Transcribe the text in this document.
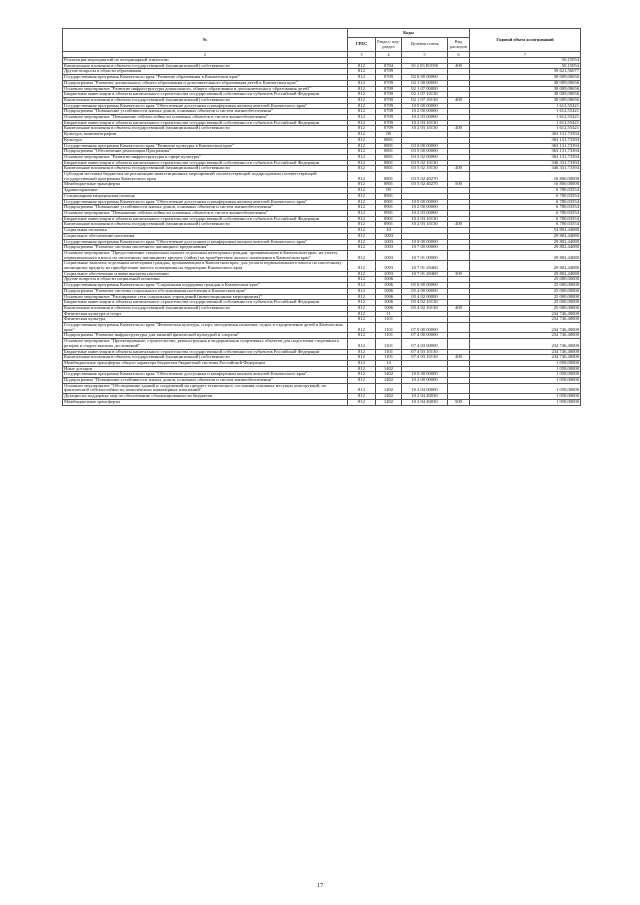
№	Коды				Годовой объем ассигнований
	ГРБС	Раздел, под- раздел	Целевая статья	Вид расходов	
2	3	4	5	6	7
Реализация мероприятий по ветеринарной эпизоотии					50,15054
Капитальные вложения в объекты государственной (муниципальной) собственности	812	0704	10 2 03 R1050	400	50,15054
Другие вопросы в области образования	812	0709			39 621,56077
Государственная программа Камчатского края "Развитие образования в Камчатском крае"	812	0709	02 0 00 00000		38 009,00656
Подпрограмма "Развитие дошкольного, общего образования и дополнительного образования детей в Камчатском крае"	812	0709	02 1 00 00000		38 009,00656
Основное мероприятие "Развитие инфраструктуры дошкольного, общего образования и дополнительного образования детей"	812	0709	02 1 07 00000		38 009,00656
Бюджетные инвестиции в объекты капитального строительства государственной собственности субъектов Российской Федерации	812	0709	02 1 07 10130		38 009,00656
Капитальные вложения в объекты государственной (муниципальной) собственности	812	0709	02 1 07 10130	400	38 009,00656
Государственная программа Камчатского края "Обеспечение доступным и комфортным жильем жителей Камчатского края"	812	0709	10 0 00 00000		1 612,55421
Подпрограмма "Повышение устойчивости жилых домов, основных объектов и систем жизнеобеспечения"	812	0709	10 2 00 00000		1 612,55421
Основное мероприятие "Повышение сейсмостойкости основных объектов и систем жизнеобеспечения"	812	0709	10 2 03 00000		1 612,55421
Бюджетные инвестиции в объекты капитального строительства государственной собственности субъектов Российской Федерации	812	0709	10 2 03 10130		1 612,55421
Капитальные вложения в объекты государственной (муниципальной) собственности	812	0709	10 2 03 10130	400	1 612,55421
Культура, кинематография	812	08			363 131,73394
Культура	812	0801			363 131,73394
Государственная программа Камчатского края "Развитие культуры в Камчатском крае"	812	0801	03 0 00 00000		363 131,73394
Подпрограмма "Обеспечение реализации Программы"	812	0801	03 5 00 00000		363 131,73394
Основное мероприятие "Развитие инфраструктуры в сфере культуры"	812	0801	03 5 02 00000		363 131,73394
Бюджетные инвестиции в объекты капитального строительства государственной собственности субъектов Российской Федерации	812	0801	03 5 02 10130		346 331,73394
Капитальные вложения в объекты государственной (муниципальной) собственности	812	0801	03 5 02 10130	400	346 331,73394
Субсидии местным бюджетам на реализацию инвестиционных мероприятий соответствующей подпрограммы соответствующей государственной программы Камчатского края	812	0801	03 5 02 40270		16 800,00000
Межбюджетные трансферты	812	0801	03 5 02 40270	500	16 800,00000
Здравоохранение	812	09			6 780,03554
Стационарная медицинская помощь	812	0901			6 780,03554
Государственная программа Камчатского края "Обеспечение доступным и комфортным жильем жителей Камчатского края"	812	0901	10 0 00 00000		6 780,03554
Подпрограмма "Повышение устойчивости жилых домов, основных объектов и систем жизнеобеспечения"	812	0901	10 2 00 00000		6 780,03554
Основное мероприятие "Повышение сейсмостойкости основных объектов и систем жизнеобеспечения"	812	0901	10 2 03 00000		6 780,03554
Бюджетные инвестиции в объекты капитального строительства государственной собственности субъектов Российской Федерации	812	0901	10 2 03 10130		6 780,03554
Капитальные вложения в объекты государственной (муниципальной) собственности	812	0901	10 2 03 10130	400	6 780,03554
Социальная политика	812	10			54 802,44080
Социальное обеспечение населения	812	1003			29 802,44080
Государственная программа Камчатского края "Обеспечение доступным и комфортным жильем жителей Камчатского края"	812	1003	10 0 00 00000		29 802,44080
Подпрограмма "Развитие системы ипотечного жилищного кредитования"	812	1003	10 7 00 00000		29 802,44080
Основное мероприятие "Предоставление социальных выплат отдельным категориям граждан, проживающим в Камчатском крае, на уплату первоначального взноса по ипотечному жилищному кредиту (займу) на приобретение жилого помещения в Камчатском крае"	812	1003	10 7 01 00000		29 802,44080
Социальные выплаты отдельным категориям граждан, проживающим в Камчатском крае, для уплаты первоначального взноса по ипотечному жилищному кредиту на приобретение жилого помещения на территории Камчатского края	812	1003	10 7 01 20460		29 802,44080
Социальное обеспечение и иные выплаты населению	812	1003	10 7 01 20460	300	29 802,44080
Другие вопросы в области социальной политики	812	1006			25 000,00000
Государственная программа Камчатского края "Социальная поддержка граждан в Камчатском крае"	812	1006	05 0 00 00000		25 000,00000
Подпрограмма "Развитие системы социального обслуживания населения в Камчатском крае"	812	1006	05 4 00 00000		25 000,00000
Основное мероприятие "Расширение сети социальных учреждений (инвестиционные мероприятия)"	812	1006	05 4 02 00000		25 000,00000
Бюджетные инвестиции в объекты капитального строительства государственной собственности субъектов Российской Федерации	812	1006	05 4 02 10130		25 000,00000
Капитальные вложения в объекты государственной (муниципальной) собственности	812	1006	05 4 02 10130	400	25 000,00000
Физическая культура и спорт	812	11			234 746,40000
Физическая культура	812	1101			234 746,40000
Государственная программа Камчатского края "Физическая культура, спорт, молодежная политика, отдых и оздоровление детей в Камчатском крае"	812	1101	07 0 00 00000		234 746,40000
Подпрограмма "Развитие инфраструктуры для занятий физической культурой и спортом"	812	1101	07 4 00 00000		234 746,40000
Основное мероприятие "Проектирование, строительство, реконструкция и модернизация спортивных объектов для подготовки спортивного резерва и спорта высших достижений"	812	1101	07 4 03 00000		234 746,40000
Бюджетные инвестиции в объекты капитального строительства государственной собственности субъектов Российской Федерации	812	1101	07 4 03 10130		234 746,40000
Капитальные вложения в объекты государственной (муниципальной) собственности	812	1101	07 4 03 10130	400	234 746,40000
Межбюджетные трансферты общего характера бюджетам бюджетной системы Российской Федерации	812	14			1 058,00000
Иные дотации	812	1402			1 058,00000
Государственная программа Камчатского края "Обеспечение доступным и комфортным жильем жителей Камчатского края"	812	1402	10 0 00 00000		1 058,00000
Подпрограмма "Повышение устойчивости жилых домов, основных объектов и систем жизнеобеспечения"	812	1402	10 2 00 00000		1 058,00000
Основное мероприятие "Обследование зданий и сооружений на предмет технического состояния основных несущих конструкций, их фактической сейсмостойкости, комплексных инженерных изысканий"	812	1402	10 2 04 00000		1 058,00000
Дотации на поддержку мер по обеспечению сбалансированности бюджетов	812	1402	10 2 04 40030		1 058,00000
Межбюджетные трансферты	812	1402	10 2 04 40030	500	1 058,00000
17
